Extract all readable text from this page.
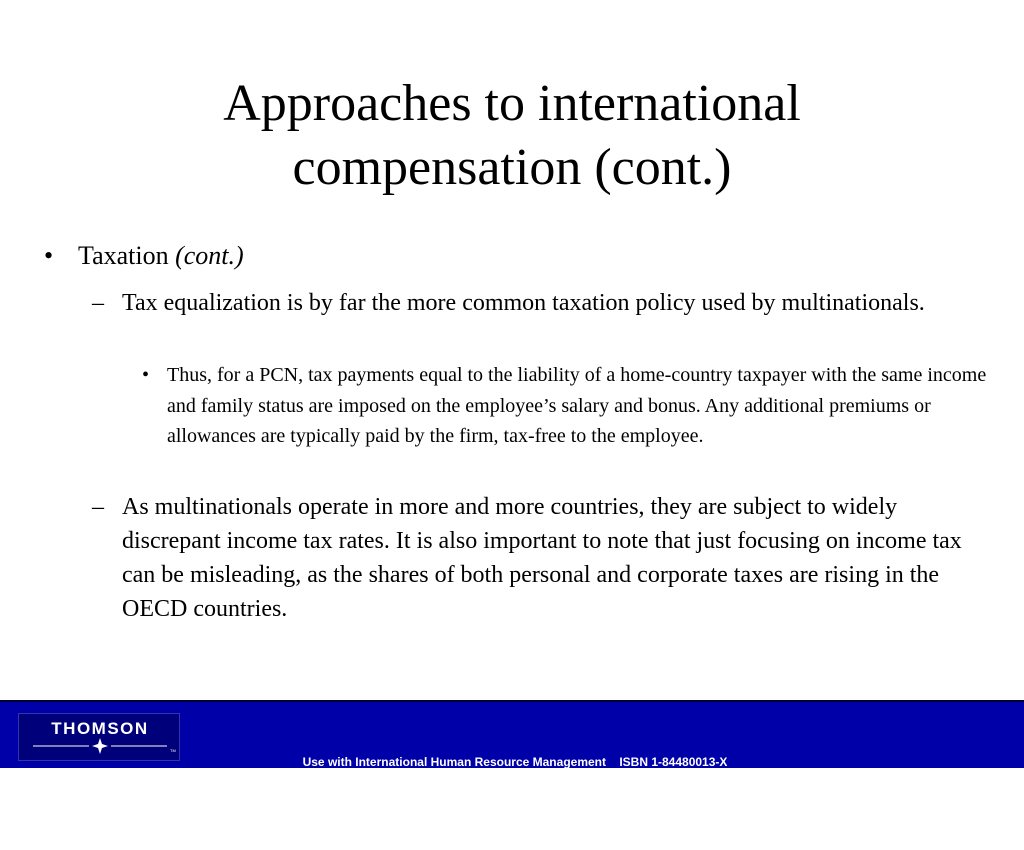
Approaches to international
compensation (cont.)
• Taxation (cont.)
– Tax equalization is by far the more common taxation policy used by multinationals.
• Thus, for a PCN, tax payments equal to the liability of a home-country taxpayer with the same income and family status are imposed on the employee’s salary and bonus. Any additional premiums or allowances are typically paid by the firm, tax-free to the employee.
– As multinationals operate in more and more countries, they are subject to widely discrepant income tax rates. It is also important to note that just focusing on income tax can be misleading, as the shares of both personal and corporate taxes are rising in the OECD countries.
THOMSON
TM

Use with International Human Resource Management    ISBN 1-84480013-X

Published by Thomson Learning   © Peter Dowling and Denice Welch
